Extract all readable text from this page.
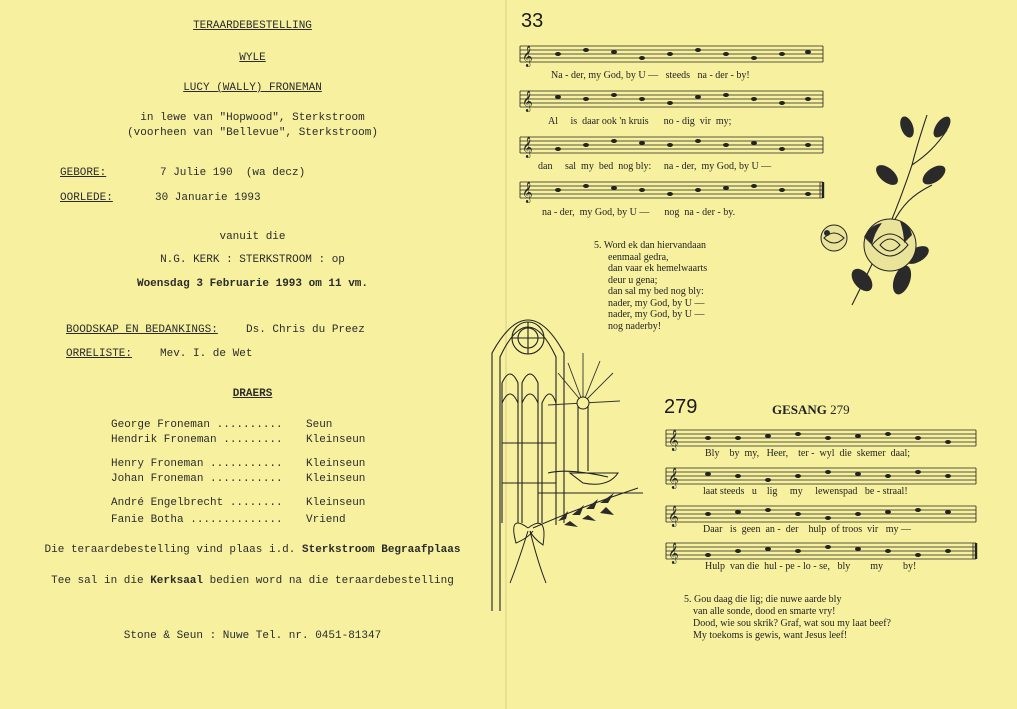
TERAARDEBESTELLING
WYLE
LUCY (WALLY) FRONEMAN
in lewe van "Hopwood", Sterkstroom
(voorheen van "Bellevue", Sterkstroom)
GEBORE:	7 Julie 190  (wa decz)
OORLEDE:	30 Januarie 1993
vanuit die
N.G. KERK : STERKSTROOM : op
Woensdag 3 Februarie 1993 om 11 vm.
BOODSKAP EN BEDANKINGS:	Ds. Chris du Preez
ORRELISTE:	Mev. I. de Wet
DRAERS
George Froneman .......... Seun
Hendrik Froneman ......... Kleinseun
Henry Froneman ........... Kleinseun
Johan Froneman ........... Kleinseun
André Engelbrecht ........ Kleinseun
Fanie Botha .............. Vriend
Die teraardebestelling vind plaas i.d. Sterkstroom Begraafplaas
Tee sal in die Kerksaal bedien word na die teraardebestelling
Stone & Seun : Nuwe Tel. nr. 0451-81347
33
𝄞
Na - der, my God, by U —   steeds   na - der - by!
𝄞
Al     is  daar ook 'n kruis      no - dig  vir  my;
𝄞
dan     sal  my  bed  nog bly:     na - der,  my God, by U —
𝄞
na - der,  my God, by U —      nog  na - der - by.
5. Word ek dan hiervandaan
eenmaal gedra,
dan vaar ek hemelwaarts
deur u gena;
dan sal my bed nog bly:
nader, my God, by U —
nader, my God, by U —
nog naderby!
279	GESANG 279
𝄞
Bly    by  my,   Heer,    ter -  wyl  die  skemer  daal;
𝄞
laat steeds   u    lig     my     lewenspad   be - straal!
𝄞
Daar   is  geen  an -  der    hulp  of troos  vir   my —
𝄞
Hulp  van die  hul - pe - lo - se,   bly        my        by!
5. Gou daag die lig; die nuwe aarde bly
van alle sonde, dood en smarte vry!
Dood, wie sou skrik? Graf, wat sou my laat beef?
My toekoms is gewis, want Jesus leef!
